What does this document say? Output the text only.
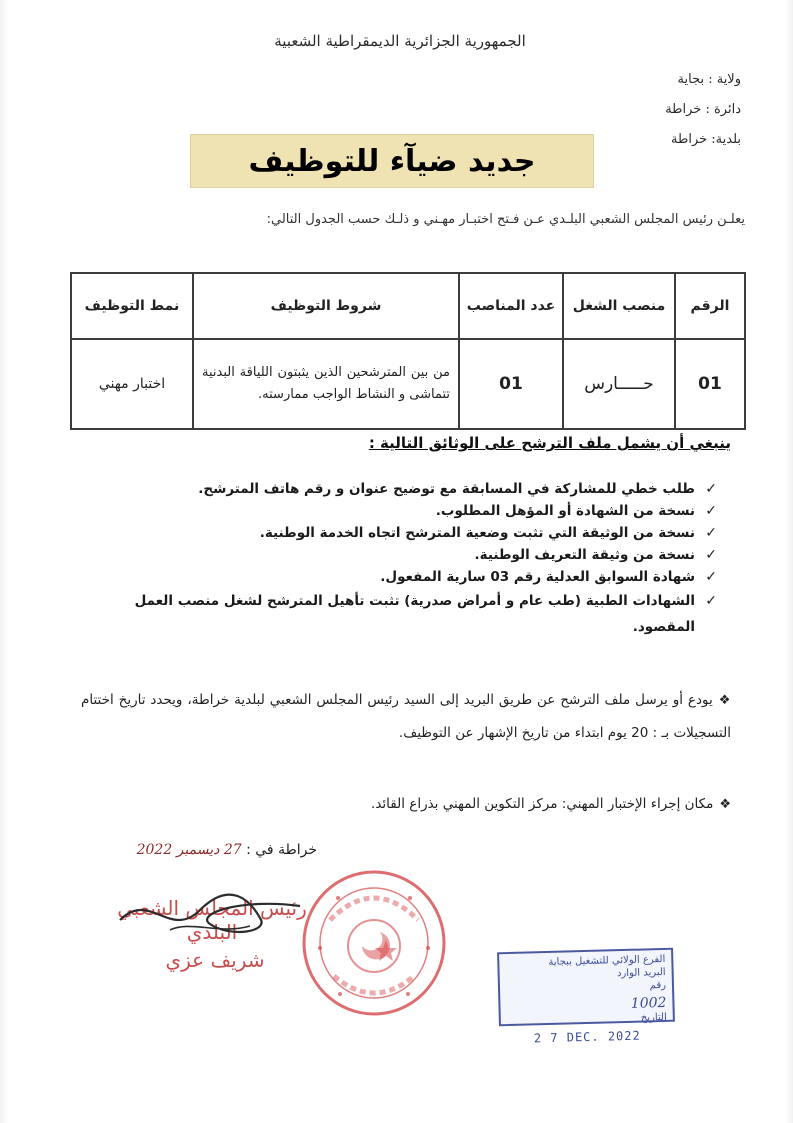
الجمهورية الجزائرية الديمقراطية الشعبية
ولاية : بجاية
دائرة : خراطة
بلدية: خراطة
جديد ضيآء للتوظيف
يعلـن رئيس المجلس الشعبي البلـدي عـن فـتح اختبـار مهـني و ذلـك حسب الجدول التالي:
الرقم	منصب الشغل	عدد المناصب	شروط التوظيف	نمط التوظيف
01	حـــــارس	01	من بين المترشحين الذين يثبتون اللياقة البدنية تتماشى و النشاط الواجب ممارسته.	اختبار مهني
ينبغي أن يشمل ملف الترشح على الوثائق التالية :
✓
طلب خطي للمشاركة في المسابقة مع توضيح عنوان و رقم هاتف المترشح.
✓
نسخة من الشهادة أو المؤهل المطلوب.
✓
نسخة من الوثيقة التي تثبت وضعية المترشح اتجاه الخدمة الوطنية.
✓
نسخة من وثيقة التعريف الوطنية.
✓
شهادة السوابق العدلية رقم 03 سارية المفعول.
✓
الشهادات الطبية (طب عام و أمراض صدرية) تثبت تأهيل المترشح لشغل منصب العمل المقصود.
❖يودع أو يرسل ملف الترشح عن طريق البريد إلى السيد رئيس المجلس الشعبي لبلدية خراطة، ويحدد تاريخ اختتام التسجيلات بـ : 20 يوم ابتداء من تاريخ الإشهار عن التوظيف.
❖مكان إجراء الإختبار المهني: مركز التكوين المهني بذراع القائد.
خراطة في : 27 ديسمبر 2022
رئيس المجلس الشعبي البلدي
شريف عزي	الفرع الولائي للتشغيل ببجاية
البريد الوارد
رقم
1002
التاريخ
2 7 DEC. 2022
